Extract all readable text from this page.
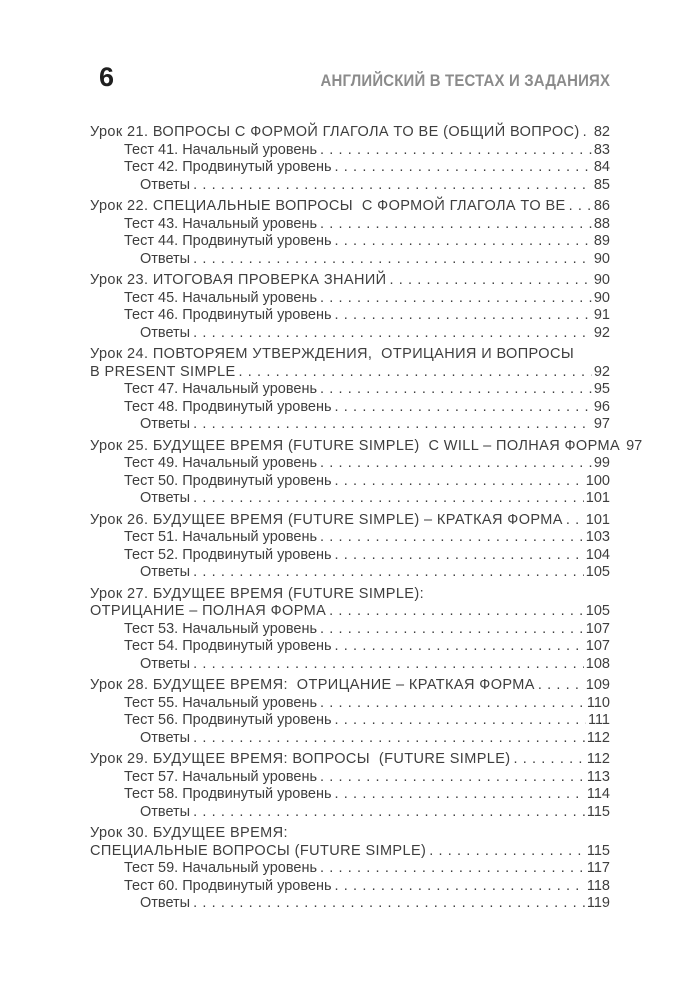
6	АНГЛИЙСКИЙ В ТЕСТАХ И ЗАДАНИЯХ
Урок 21. ВОПРОСЫ С ФОРМОЙ ГЛАГОЛА TO BE (ОБЩИЙ ВОПРОС) . . . 82
Тест 41. Начальный уровень . . .	83
Тест 42. Продвинутый уровень . . .	84
Ответы . . .	85
Урок 22. СПЕЦИАЛЬНЫЕ ВОПРОСЫ  С ФОРМОЙ ГЛАГОЛА TO BE . . . 86
Тест 43. Начальный уровень . . .	88
Тест 44. Продвинутый уровень . . .	89
Ответы . . .	90
Урок 23. ИТОГОВАЯ ПРОВЕРКА ЗНАНИЙ . . .	90
Тест 45. Начальный уровень . . .	90
Тест 46. Продвинутый уровень . . .	91
Ответы . . .	92
Урок 24. ПОВТОРЯЕМ УТВЕРЖДЕНИЯ,  ОТРИЦАНИЯ И ВОПРОСЫ
В PRESENT SIMPLE . . .	92
Тест 47. Начальный уровень . . .	95
Тест 48. Продвинутый уровень . . .	96
Ответы . . .	97
Урок 25. БУДУЩЕЕ ВРЕМЯ (FUTURE SIMPLE)  С WILL – ПОЛНАЯ ФОРМА . . . 97
Тест 49. Начальный уровень . . .	99
Тест 50. Продвинутый уровень . . .	100
Ответы . . .	101
Урок 26. БУДУЩЕЕ ВРЕМЯ (FUTURE SIMPLE) – КРАТКАЯ ФОРМА . . . 101
Тест 51. Начальный уровень . . .	103
Тест 52. Продвинутый уровень . . .	104
Ответы . . .	105
Урок 27. БУДУЩЕЕ ВРЕМЯ (FUTURE SIMPLE):
ОТРИЦАНИЕ – ПОЛНАЯ ФОРМА . . .	105
Тест 53. Начальный уровень . . .	107
Тест 54. Продвинутый уровень . . .	107
Ответы . . .	108
Урок 28. БУДУЩЕЕ ВРЕМЯ:  ОТРИЦАНИЕ – КРАТКАЯ ФОРМА . . .	109
Тест 55. Начальный уровень . . .	110
Тест 56. Продвинутый уровень . . .	111
Ответы . . .	112
Урок 29. БУДУЩЕЕ ВРЕМЯ: ВОПРОСЫ  (FUTURE SIMPLE) . . .	112
Тест 57. Начальный уровень . . .	113
Тест 58. Продвинутый уровень . . .	114
Ответы . . .	115
Урок 30. БУДУЩЕЕ ВРЕМЯ:
СПЕЦИАЛЬНЫЕ ВОПРОСЫ (FUTURE SIMPLE) . . .	115
Тест 59. Начальный уровень . . .	117
Тест 60. Продвинутый уровень . . .	118
Ответы . . .	119
